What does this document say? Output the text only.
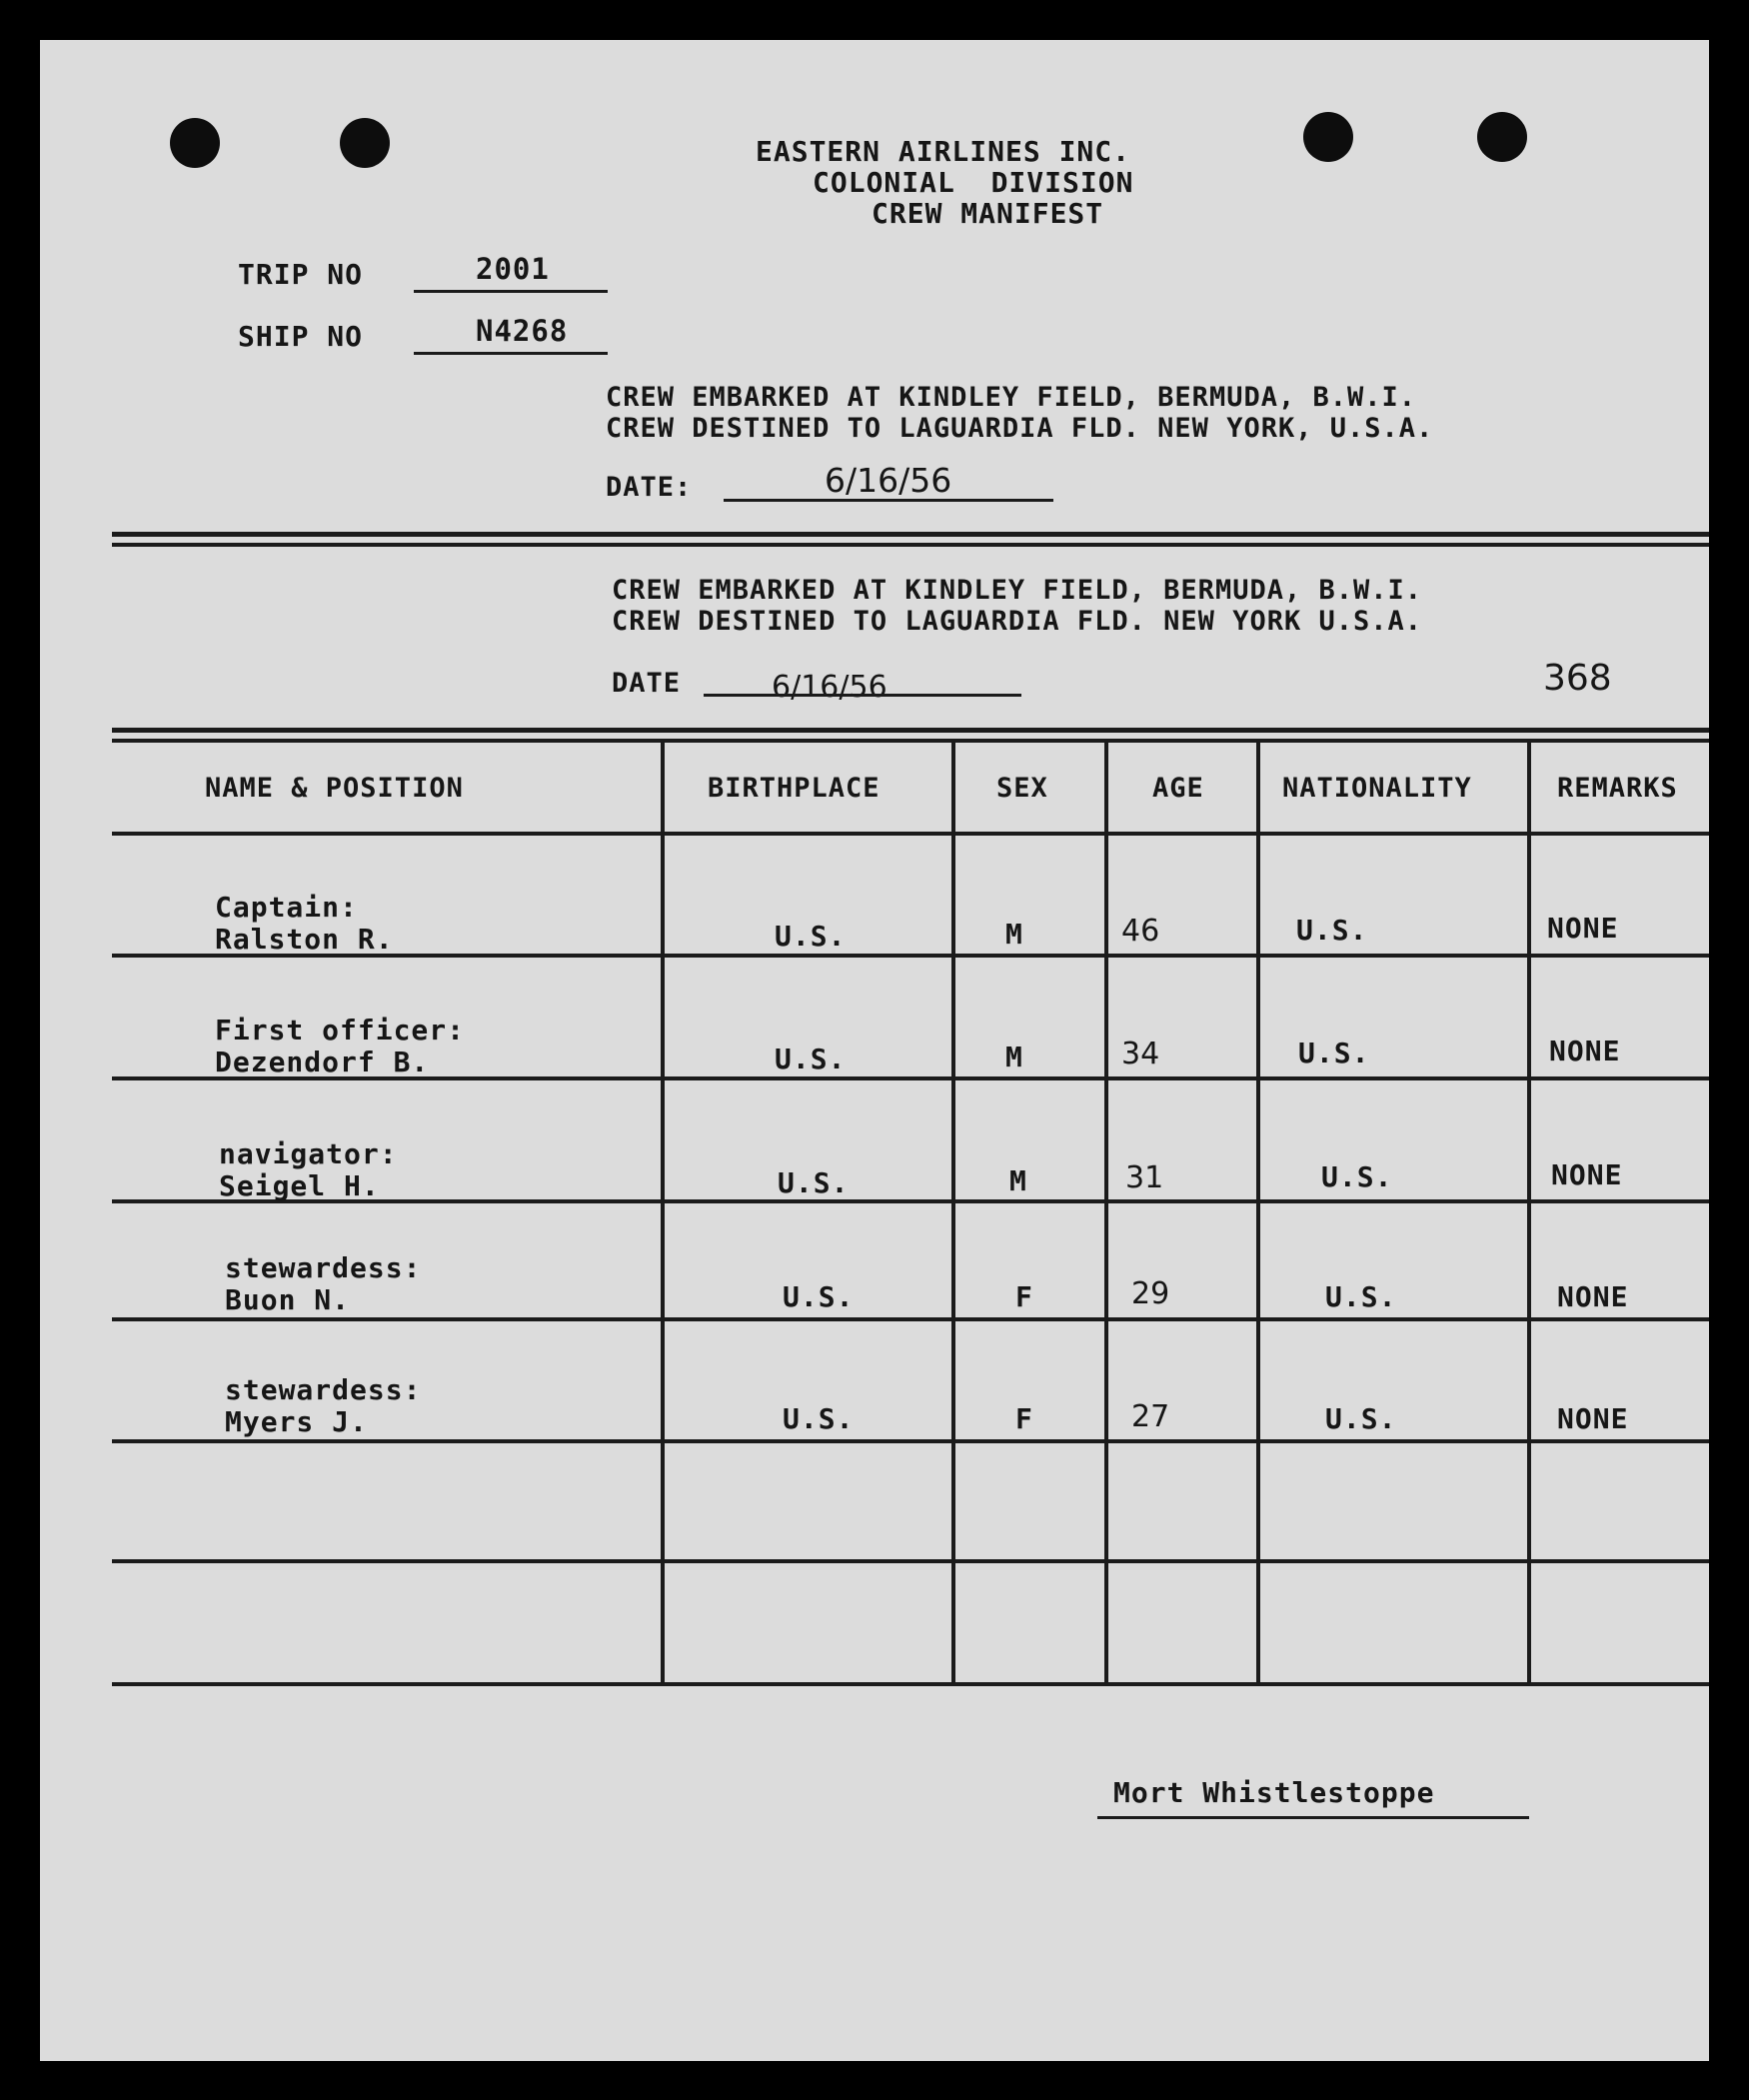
EASTERN AIRLINES INC.
COLONIAL  DIVISION
CREW MANIFEST
TRIP NO	2001
SHIP NO	N4268
CREW EMBARKED AT KINDLEY FIELD, BERMUDA, B.W.I.
CREW DESTINED TO LAGUARDIA FLD. NEW YORK, U.S.A.
DATE:	6/16/56
CREW EMBARKED AT KINDLEY FIELD, BERMUDA, B.W.I.
CREW DESTINED TO LAGUARDIA FLD. NEW YORK U.S.A.
DATE	6/16/56	368
NAME & POSITION	BIRTHPLACE	SEX	AGE	NATIONALITY	REMARKS
Captain:
Ralston R.	U.S.	M	46	U.S.	NONE
First officer:
Dezendorf B.	U.S.	M	34	U.S.	NONE
navigator:
Seigel H.	U.S.	M	31	U.S.	NONE
stewardess:
Buon N.	U.S.	F	29	U.S.	NONE
stewardess:
Myers J.	U.S.	F	27	U.S.	NONE
Mort Whistlestoppe
